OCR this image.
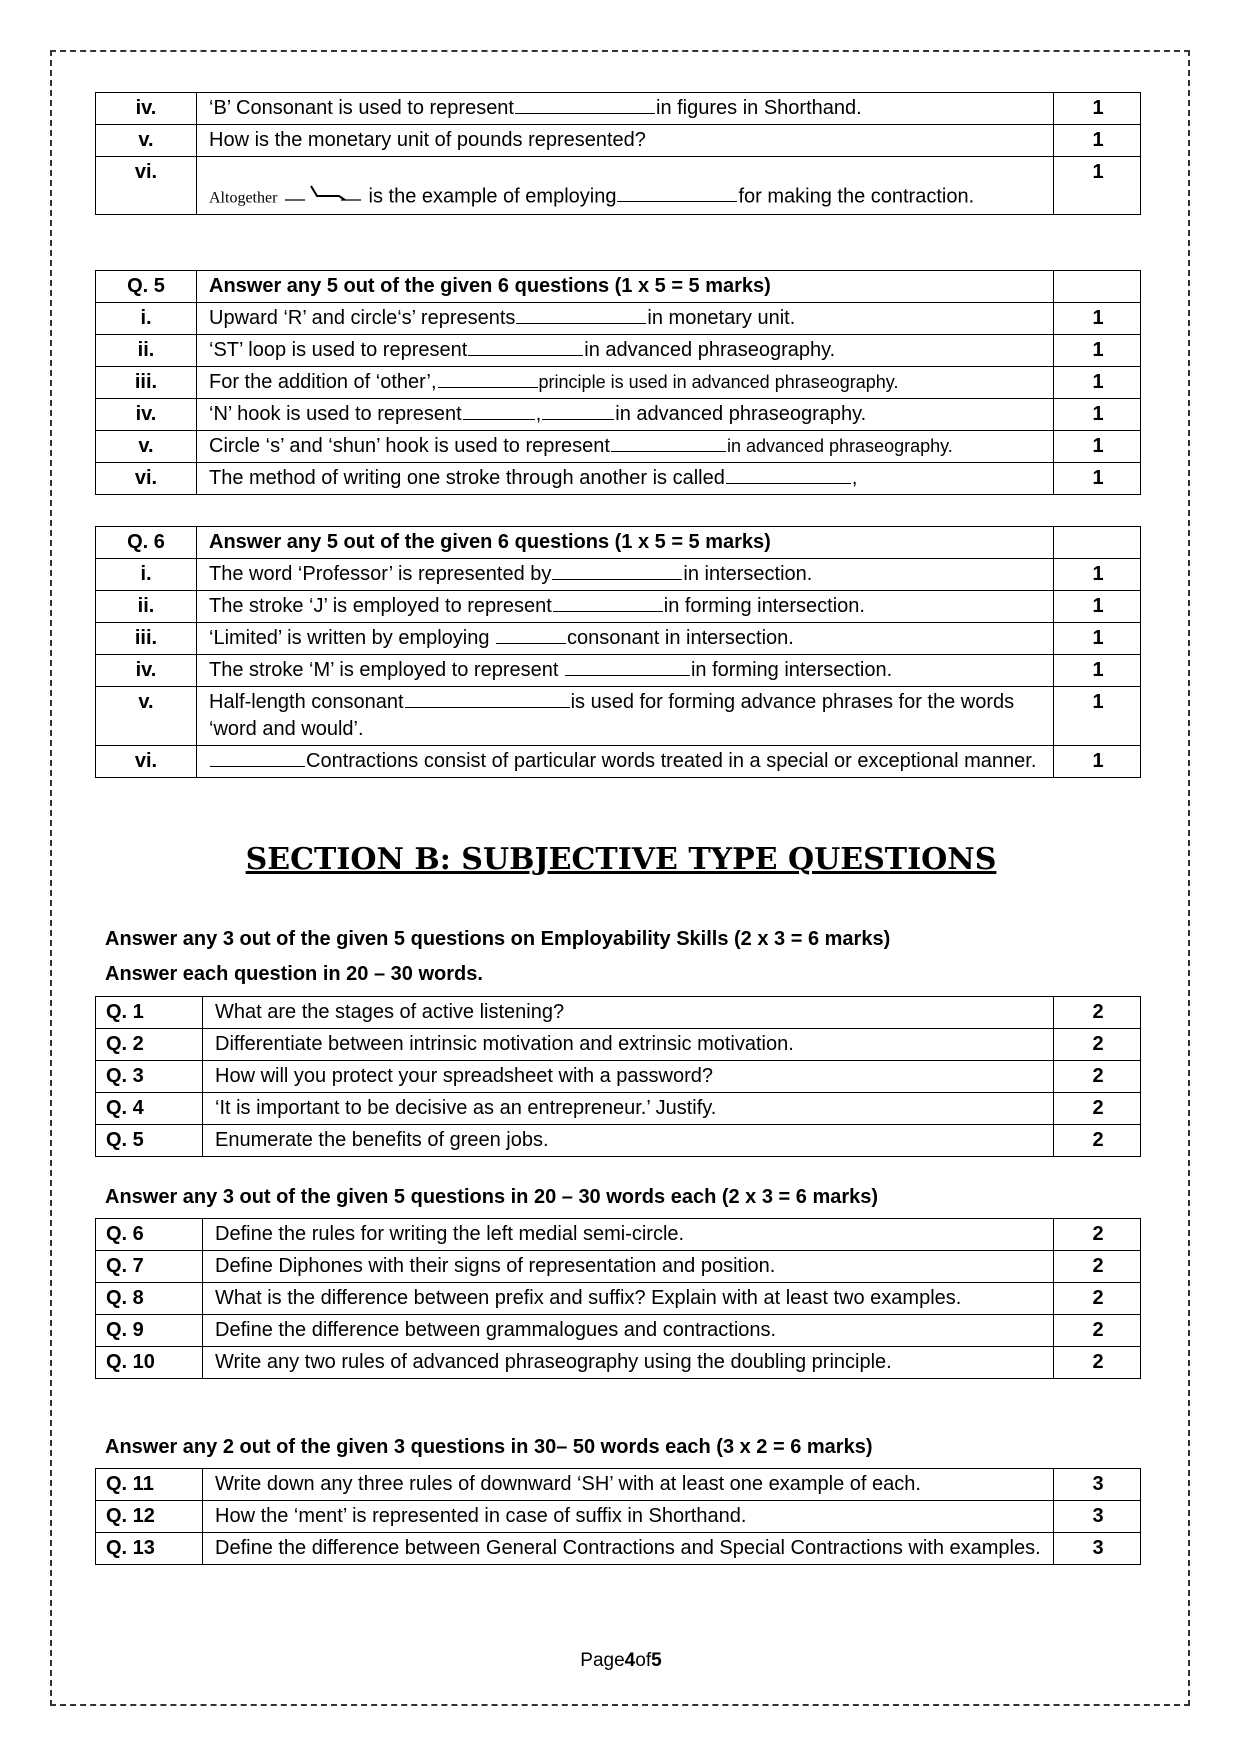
iv.	‘B’ Consonant is used to represent in figures in Shorthand.	1
v.	How is the monetary unit of pounds represented?	1
vi.	Altogether is the example of employing for making the contraction.	1
Q. 5	Answer any 5 out of the given 6 questions (1 x 5 = 5 marks)	
i.	Upward ‘R’ and circle‘s’ represents in monetary unit.	1
ii.	‘ST’ loop is used to represent in advanced phraseography.	1
iii.	For the addition of ‘other’, principle is used in advanced phraseography.	1
iv.	‘N’ hook is used to represent , in advanced phraseography.	1
v.	Circle ‘s’ and ‘shun’ hook is used to represent in advanced phraseography.	1
vi.	The method of writing one stroke through another is called ,	1
Q. 6	Answer any 5 out of the given 6 questions (1 x 5 = 5 marks)	
i.	The word ‘Professor’ is represented by in intersection.	1
ii.	The stroke ‘J’ is employed to represent in forming intersection.	1
iii.	‘Limited’ is written by employing consonant in intersection.	1
iv.	The stroke ‘M’ is employed to represent in forming intersection.	1
v.	Half-length consonant is used for forming advance phrases for the words ‘word and would’.	1
vi.	Contractions consist of particular words treated in a special or exceptional manner.	1
SECTION B: SUBJECTIVE TYPE QUESTIONS
Answer any 3 out of the given 5 questions on Employability Skills (2 x 3 = 6 marks)
Answer each question in 20 – 30 words.
Q. 1	What are the stages of active listening?	2
Q. 2	Differentiate between intrinsic motivation and extrinsic motivation.	2
Q. 3	How will you protect your spreadsheet with a password?	2
Q. 4	‘It is important to be decisive as an entrepreneur.’ Justify.	2
Q. 5	Enumerate the benefits of green jobs.	2
Answer any 3 out of the given 5 questions in 20 – 30 words each (2 x 3 = 6 marks)
Q. 6	Define the rules for writing the left medial semi-circle.	2
Q. 7	Define Diphones with their signs of representation and position.	2
Q. 8	What is the difference between prefix and suffix? Explain with at least two examples.	2
Q. 9	Define the difference between grammalogues and contractions.	2
Q. 10	Write any two rules of advanced phraseography using the doubling principle.	2
Answer any 2 out of the given 3 questions in 30– 50 words each (3 x 2 = 6 marks)
Q. 11	Write down any three rules of downward ‘SH’ with at least one example of each.	3
Q. 12	How the ‘ment’ is represented in case of suffix in Shorthand.	3
Q. 13	Define the difference between General Contractions and Special Contractions with examples.	3
Page4of5
